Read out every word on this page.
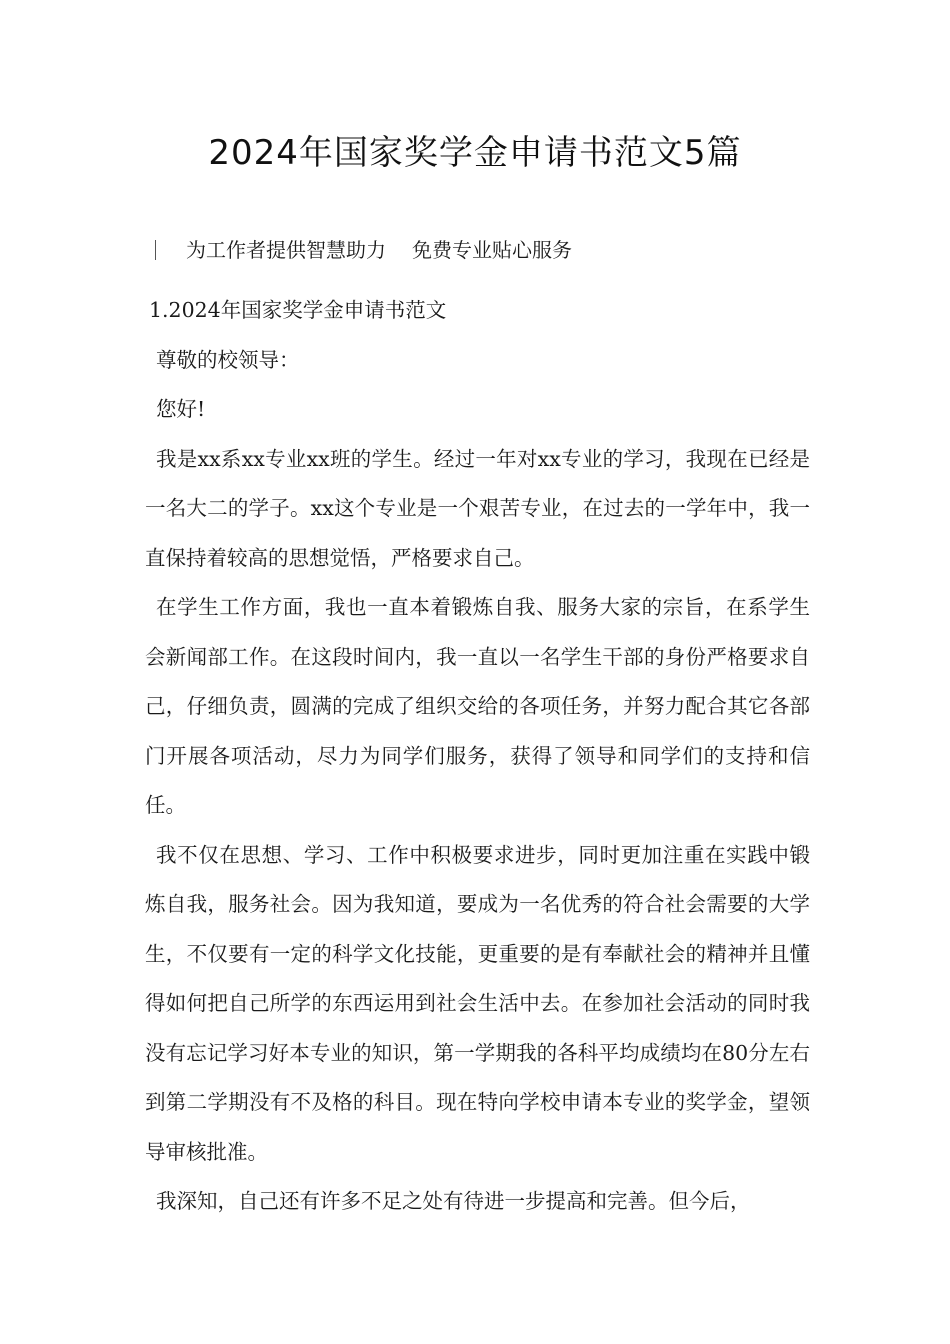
2024年国家奖学金申请书范文5篇
为工作者提供智慧助力 免费专业贴心服务

1.2024年国家奖学金申请书范文

尊敬的校领导：

您好!

我是xx系xx专业xx班的学生。经过一年对xx专业的学习，我现在已经是一名大二的学子。xx这个专业是一个艰苦专业，在过去的一学年中，我一直保持着较高的思想觉悟，严格要求自己。

在学生工作方面，我也一直本着锻炼自我、服务大家的宗旨，在系学生会新闻部工作。在这段时间内，我一直以一名学生干部的身份严格要求自己，仔细负责，圆满的完成了组织交给的各项任务，并努力配合其它各部门开展各项活动，尽力为同学们服务，获得了领导和同学们的支持和信任。

我不仅在思想、学习、工作中积极要求进步，同时更加注重在实践中锻炼自我，服务社会。因为我知道，要成为一名优秀的符合社会需要的大学生，不仅要有一定的科学文化技能，更重要的是有奉献社会的精神并且懂得如何把自己所学的东西运用到社会生活中去。在参加社会活动的同时我没有忘记学习好本专业的知识，第一学期我的各科平均成绩均在80分左右到第二学期没有不及格的科目。现在特向学校申请本专业的奖学金，望领导审核批准。

我深知，自己还有许多不足之处有待进一步提高和完善。但今后，
